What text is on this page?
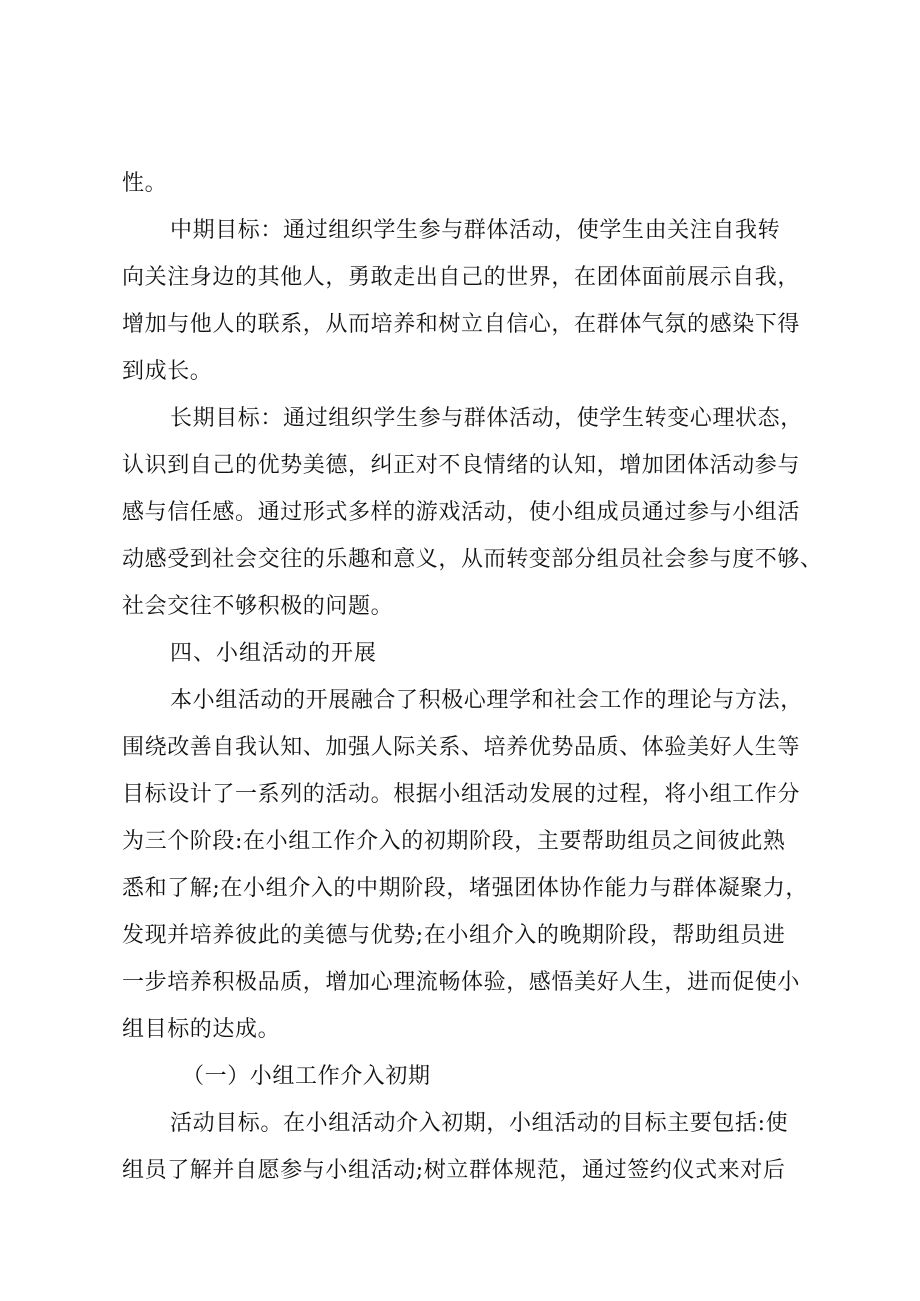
性。
中期目标：通过组织学生参与群体活动，使学生由关注自我转
向关注身边的其他人，勇敢走出自己的世界，在团体面前展示自我，
增加与他人的联系，从而培养和树立自信心，在群体气氛的感染下得
到成长。
长期目标：通过组织学生参与群体活动，使学生转变心理状态，
认识到自己的优势美德，纠正对不良情绪的认知，增加团体活动参与
感与信任感。通过形式多样的游戏活动，使小组成员通过参与小组活
动感受到社会交往的乐趣和意义，从而转变部分组员社会参与度不够、
社会交往不够积极的问题。
四、小组活动的开展
本小组活动的开展融合了积极心理学和社会工作的理论与方法，
围绕改善自我认知、加强人际关系、培养优势品质、体验美好人生等
目标设计了一系列的活动。根据小组活动发展的过程，将小组工作分
为三个阶段:在小组工作介入的初期阶段，主要帮助组员之间彼此熟
悉和了解;在小组介入的中期阶段，堵强团体协作能力与群体凝聚力，
发现并培养彼此的美德与优势;在小组介入的晚期阶段，帮助组员进
一步培养积极品质，增加心理流畅体验，感悟美好人生，进而促使小
组目标的达成。
（一）小组工作介入初期
活动目标。在小组活动介入初期，小组活动的目标主要包括:使
组员了解并自愿参与小组活动;树立群体规范，通过签约仪式来对后
